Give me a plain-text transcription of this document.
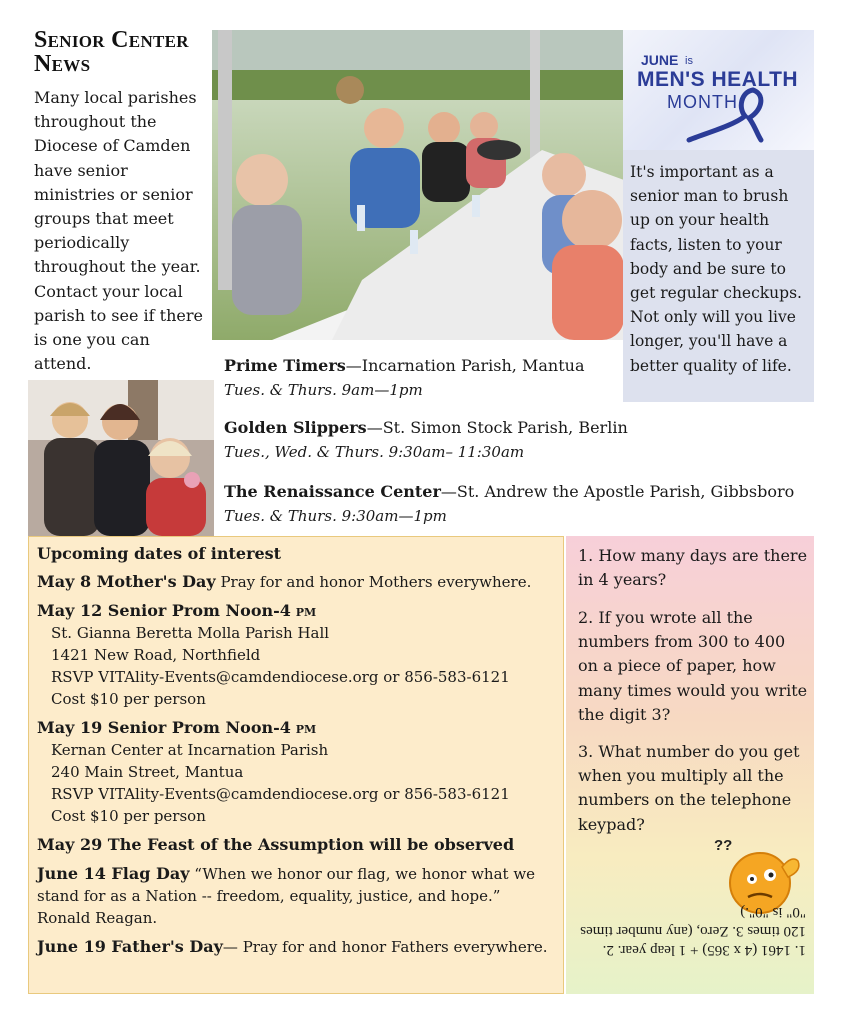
Senior Center News
Many local parishes throughout the Diocese of Camden have senior ministries or senior groups that meet periodically throughout the year. Contact your local parish to see if there is one you can attend.
JUNE is
MEN'S HEALTH
MONTH
It's important as a senior man to brush up on your health facts, listen to your body and be sure to get regular checkups. Not only will you live longer, you'll have a better quality of life.
Prime Timers—Incarnation Parish, Mantua
Tues. & Thurs. 9am—1pm
Golden Slippers—St. Simon Stock Parish, Berlin
Tues., Wed. & Thurs. 9:30am– 11:30am
The Renaissance Center—St. Andrew the Apostle Parish, Gibbsboro
Tues. & Thurs. 9:30am—1pm
Upcoming dates of interest
May 8 Mother's Day Pray for and honor Mothers everywhere.
May 12 Senior Prom Noon-4 pm
St. Gianna Beretta Molla Parish Hall
1421 New Road, Northfield
RSVP VITAlity-Events@camdendiocese.org or 856-583-6121
Cost $10 per person
May 19 Senior Prom Noon-4 pm
Kernan Center at Incarnation Parish
240 Main Street, Mantua
RSVP VITAlity-Events@camdendiocese.org or 856-583-6121
Cost $10 per person
May 29 The Feast of the Assumption will be observed
June 14 Flag Day “When we honor our flag, we honor what we stand for as a Nation -- freedom, equality, justice, and hope.” Ronald Reagan.
June 19 Father's Day— Pray for and honor Fathers everywhere.
1. How many days are there in 4 years?
2. If you wrote all the numbers from 300 to 400 on a piece of paper, how many times would you write the digit 3?
3. What number do you get when you multiply all the numbers on the telephone keypad?
??
1. 1461 (4 x 365) + 1 leap year. 2. 120 times 3. Zero, (any number times "0" is "0".)
